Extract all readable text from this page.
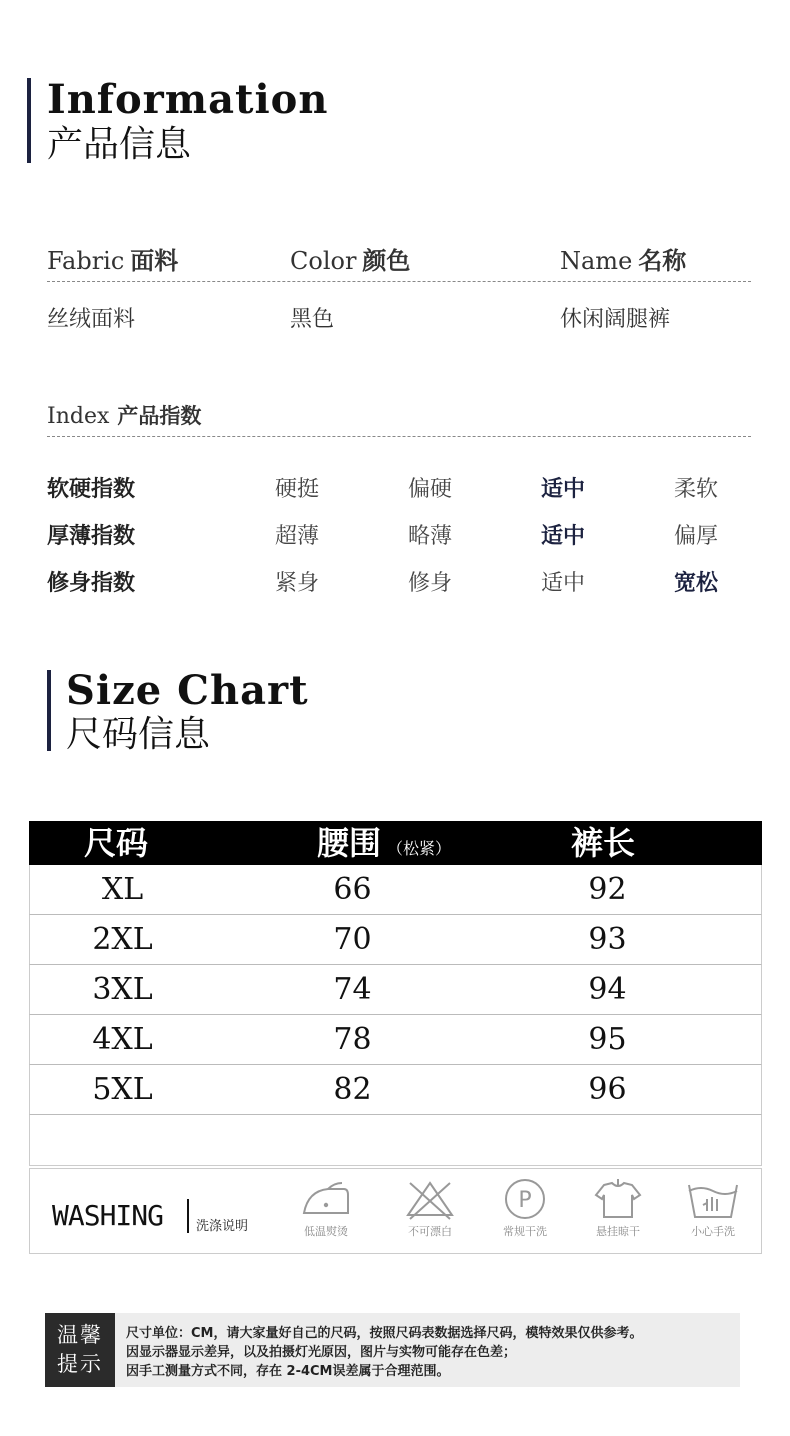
Information
产品信息
Fabric 面料	Color 颜色	Name 名称
丝绒面料	黑色	休闲阔腿裤
Index 产品指数
软硬指数	硬挺	偏硬	适中	柔软
厚薄指数	超薄	略薄	适中	偏厚
修身指数	紧身	修身	适中	宽松
Size Chart
尺码信息
尺码	腰围 （松紧）	裤长
XL	66	92
2XL	70	93
3XL	74	94
4XL	78	95
5XL	82	96
WASHING	洗涤说明	低温熨烫	不可漂白
P
常规干洗	悬挂晾干	小心手洗
温馨
提示
尺寸单位：CM，请大家量好自己的尺码，按照尺码表数据选择尺码，模特效果仅供参考。
因显示器显示差异，以及拍摄灯光原因，图片与实物可能存在色差；
因手工测量方式不同，存在 2-4CM误差属于合理范围。
